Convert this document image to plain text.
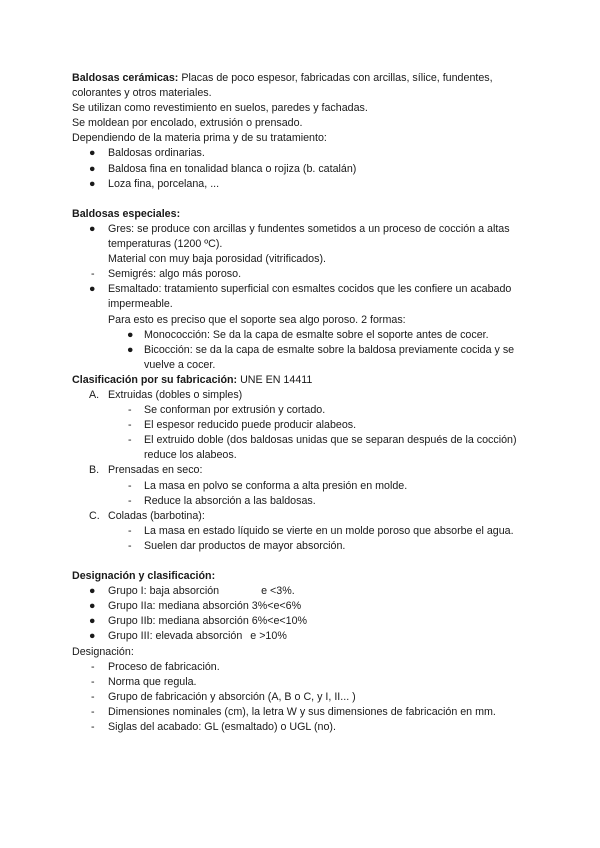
Baldosas cerámicas: Placas de poco espesor, fabricadas con arcillas, sílice, fundentes, colorantes y otros materiales.

Se utilizan como revestimiento en suelos, paredes y fachadas.

Se moldean por encolado, extrusión o prensado.

Dependiendo de la materia prima y de su tratamiento:

● Baldosas ordinarias.
● Baldosa fina en tonalidad blanca o rojiza (b. catalán)
● Loza fina, porcelana, ...

Baldosas especiales:

● Gres: se produce con arcillas y fundentes sometidos a un proceso de cocción a altas temperaturas (1200 ºC).
Material con muy baja porosidad (vitrificados).
- Semigrés: algo más poroso.
● Esmaltado: tratamiento superficial con esmaltes cocidos que les confiere un acabado impermeable.
Para esto es preciso que el soporte sea algo poroso. 2 formas:
● Monococción: Se da la capa de esmalte sobre el soporte antes de cocer.
● Bicocción: se da la capa de esmalte sobre la baldosa previamente cocida y se vuelve a cocer.

Clasificación por su fabricación: UNE EN 14411

A. Extruidas (dobles o simples)
- Se conforman por extrusión y cortado.
- El espesor reducido puede producir alabeos.
- El extruido doble (dos baldosas unidas que se separan después de la cocción) reduce los alabeos.
B. Prensadas en seco:
- La masa en polvo se conforma a alta presión en molde.
- Reduce la absorción a las baldosas.
C. Coladas (barbotina):
- La masa en estado líquido se vierte en un molde poroso que absorbe el agua.
- Suelen dar productos de mayor absorción.

Designación y clasificación:

● Grupo I: baja absorción	e <3%.
● Grupo IIa: mediana absorción 3%<e<6%
● Grupo IIb: mediana absorción 6%<e<10%
● Grupo III: elevada absorción e >10%

Designación:

- Proceso de fabricación.
- Norma que regula.
- Grupo de fabricación y absorción (A, B o C, y I, II... )
- Dimensiones nominales (cm), la letra W y sus dimensiones de fabricación en mm.
- Siglas del acabado: GL (esmaltado) o UGL (no).
